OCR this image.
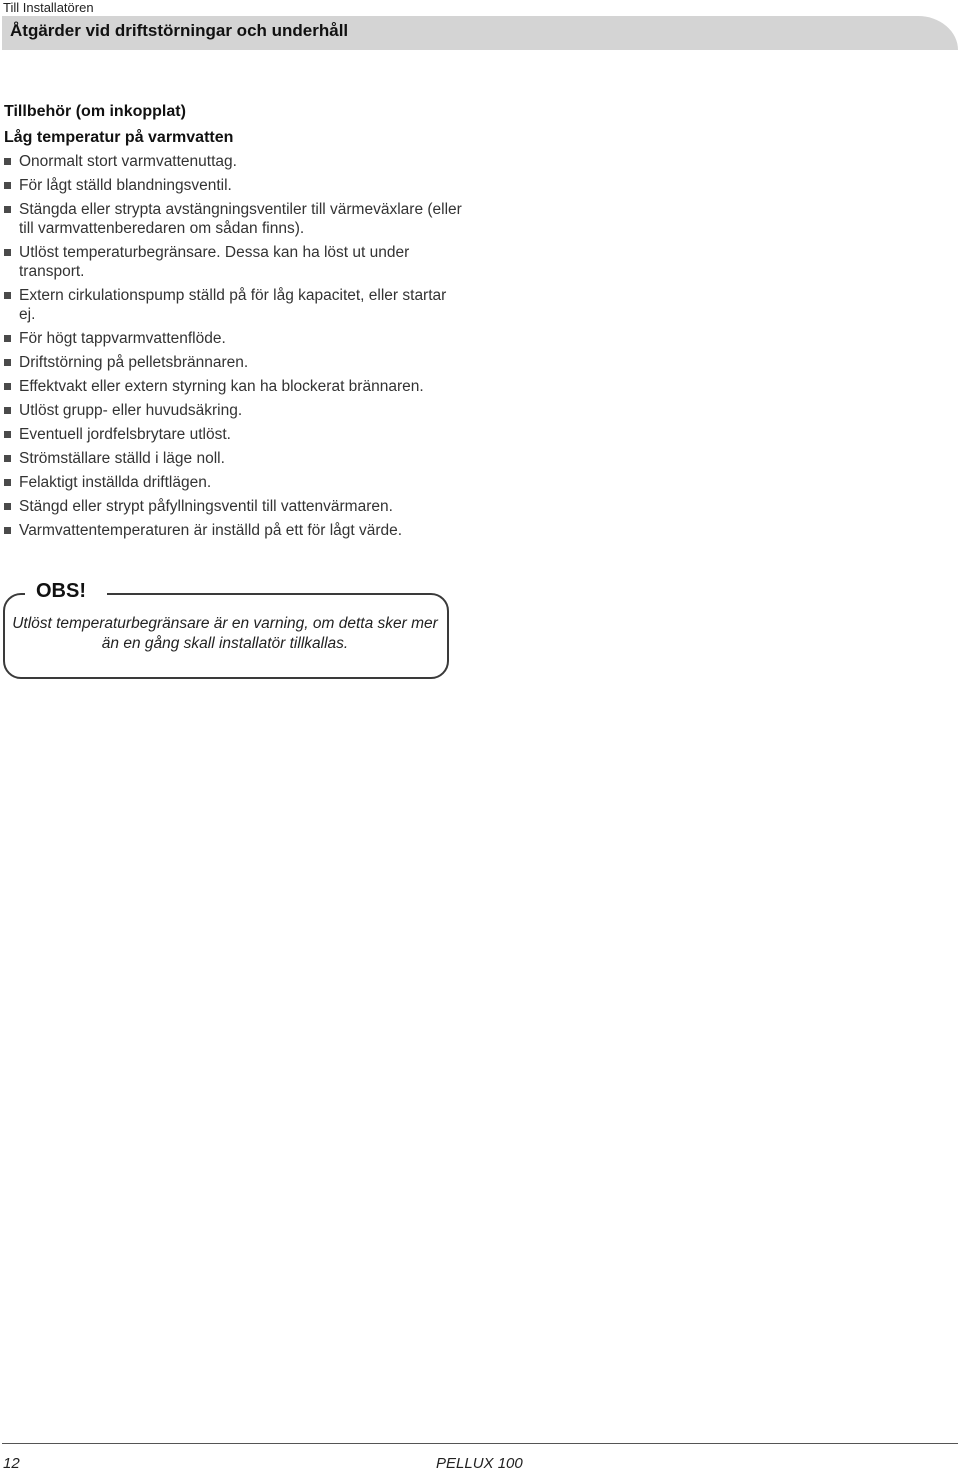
Till Installatören
Åtgärder vid driftstörningar och underhåll
Tillbehör (om inkopplat)
Låg temperatur på varmvatten
Onormalt stort varmvattenuttag.
För lågt ställd blandningsventil.
Stängda eller strypta avstängningsventiler till värmeväxlare (eller till varmvattenberedaren om sådan finns).
Utlöst temperaturbegränsare. Dessa kan ha löst ut under transport.
Extern cirkulationspump ställd på för låg kapacitet, eller startar ej.
För högt tappvarmvattenflöde.
Driftstörning på pelletsbrännaren.
Effektvakt eller extern styrning kan ha blockerat brännaren.
Utlöst grupp- eller huvudsäkring.
Eventuell jordfelsbrytare utlöst.
Strömställare ställd i läge noll.
Felaktigt inställda driftlägen.
Stängd eller strypt påfyllningsventil till vattenvärmaren.
Varmvattentemperaturen är inställd på ett för lågt värde.
OBS!
Utlöst temperaturbegränsare är en varning, om detta sker mer än en gång skall installatör tillkallas.
12	PELLUX 100
